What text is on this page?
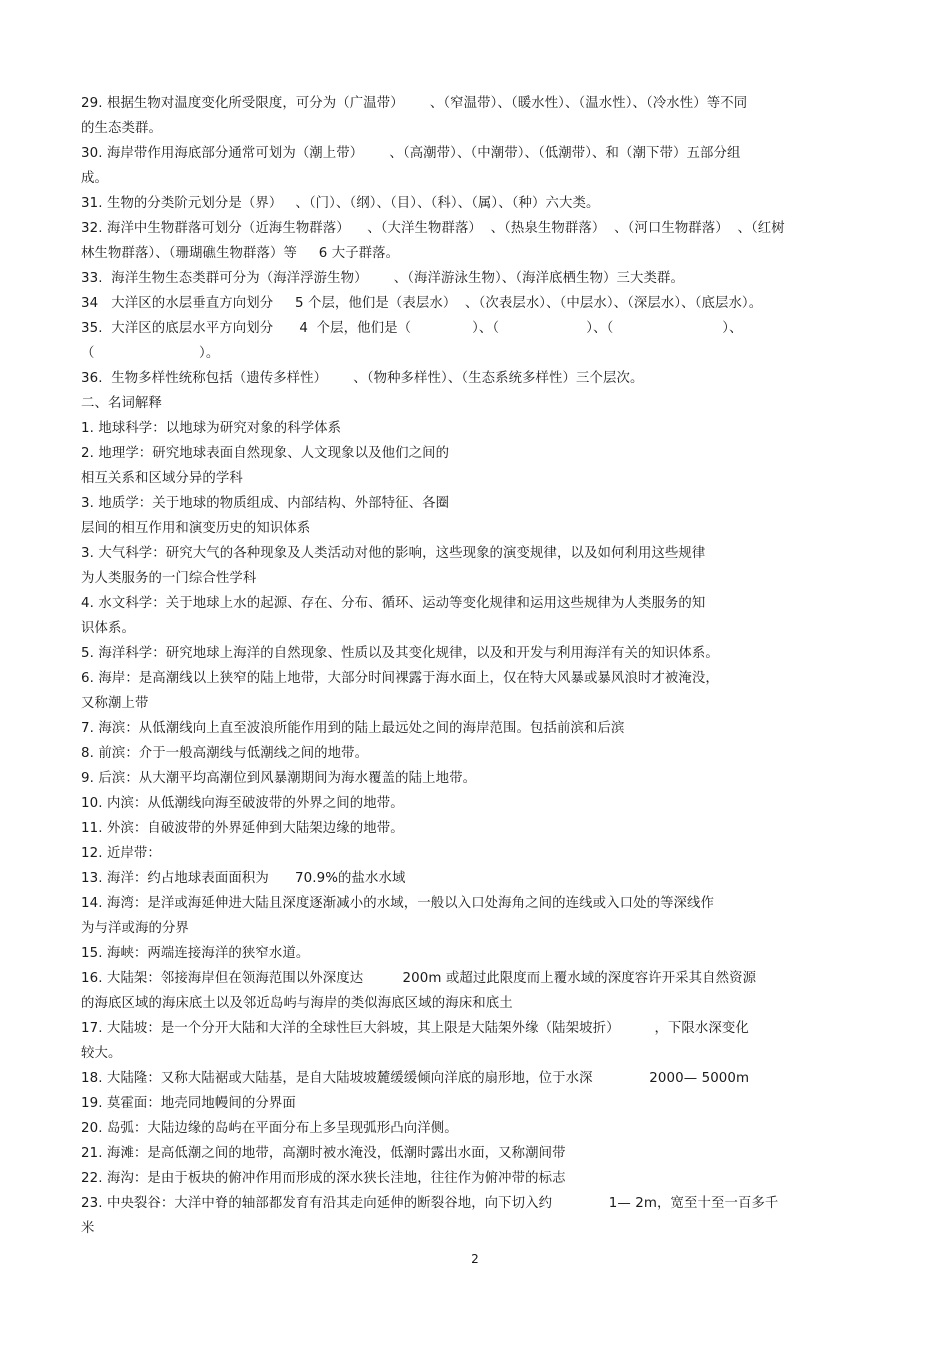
29. 根据生物对温度变化所受限度，可分为（广温带）      、（窄温带）、（暖水性）、（温水性）、（冷水性）等不同
的生态类群。
30. 海岸带作用海底部分通常可划为（潮上带）      、（高潮带）、（中潮带）、（低潮带）、和（潮下带）五部分组
成。
31. 生物的分类阶元划分是（界）   、（门）、（纲）、（目）、（科）、（属）、（种）六大类。
32. 海洋中生物群落可划分（近海生物群落）    、（大洋生物群落）  、（热泉生物群落）  、（河口生物群落）  、（红树
林生物群落）、（珊瑚礁生物群落）等     6 大子群落。
33.  海洋生物生态类群可分为（海洋浮游生物）      、（海洋游泳生物）、（海洋底栖生物）三大类群。
34   大洋区的水层垂直方向划分     5 个层，他们是（表层水）  、（次表层水）、（中层水）、（深层水）、（底层水）。
35.  大洋区的底层水平方向划分      4  个层，他们是（              ）、（                    ）、（                         ）、
（                        ）。
36.  生物多样性统称包括（遗传多样性）      、（物种多样性）、（生态系统多样性）三个层次。
二、名词解释
1. 地球科学：以地球为研究对象的科学体系
2. 地理学：研究地球表面自然现象、人文现象以及他们之间的
相互关系和区域分异的学科
3. 地质学：关于地球的物质组成、内部结构、外部特征、各圈
层间的相互作用和演变历史的知识体系
3. 大气科学：研究大气的各种现象及人类活动对他的影响，这些现象的演变规律，以及如何利用这些规律
为人类服务的一门综合性学科
4. 水文科学：关于地球上水的起源、存在、分布、循环、运动等变化规律和运用这些规律为人类服务的知
识体系。
5. 海洋科学：研究地球上海洋的自然现象、性质以及其变化规律，以及和开发与利用海洋有关的知识体系。
6. 海岸：是高潮线以上狭窄的陆上地带，大部分时间裸露于海水面上，仅在特大风暴或暴风浪时才被淹没，
又称潮上带
7. 海滨：从低潮线向上直至波浪所能作用到的陆上最远处之间的海岸范围。包括前滨和后滨
8. 前滨：介于一般高潮线与低潮线之间的地带。
9. 后滨：从大潮平均高潮位到风暴潮期间为海水覆盖的陆上地带。
10. 内滨：从低潮线向海至破波带的外界之间的地带。
11. 外滨：自破波带的外界延伸到大陆架边缘的地带。
12. 近岸带：
13. 海洋：约占地球表面面积为      70.9%的盐水水域
14. 海湾：是洋或海延伸进大陆且深度逐渐减小的水域，一般以入口处海角之间的连线或入口处的等深线作
为与洋或海的分界
15. 海峡：两端连接海洋的狭窄水道。
16. 大陆架：邻接海岸但在领海范围以外深度达         200m 或超过此限度而上覆水域的深度容许开采其自然资源
的海底区域的海床底土以及邻近岛屿与海岸的类似海底区域的海床和底土
17. 大陆坡：是一个分开大陆和大洋的全球性巨大斜坡，其上限是大陆架外缘（陆架坡折）        ，下限水深变化
较大。
18. 大陆隆：又称大陆裾或大陆基，是自大陆坡坡麓缓缓倾向洋底的扇形地，位于水深             2000— 5000m
19. 莫霍面：地壳同地幔间的分界面
20. 岛弧：大陆边缘的岛屿在平面分布上多呈现弧形凸向洋侧。
21. 海滩：是高低潮之间的地带，高潮时被水淹没，低潮时露出水面，又称潮间带
22. 海沟：是由于板块的俯冲作用而形成的深水狭长洼地，往往作为俯冲带的标志
23. 中央裂谷：大洋中脊的轴部都发育有沿其走向延伸的断裂谷地，向下切入约             1— 2m，宽至十至一百多千
米
2
